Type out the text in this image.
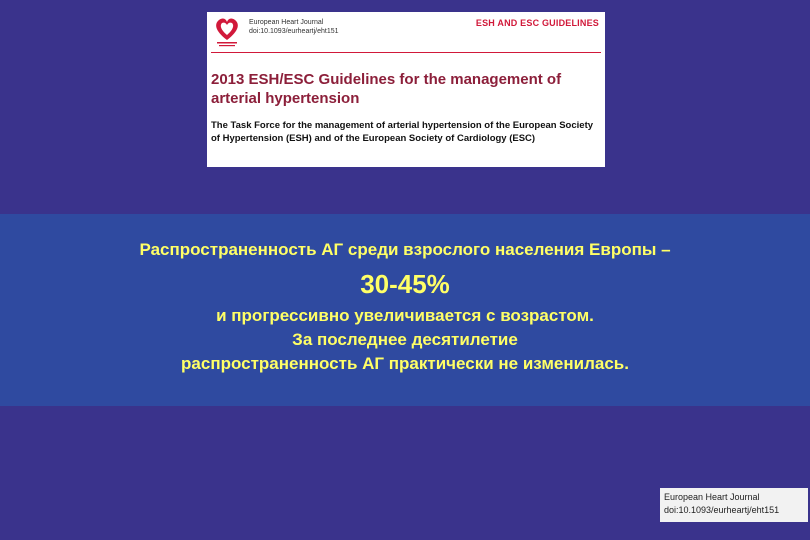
European Heart Journal
doi:10.1093/eurheartj/eht151
ESH AND ESC GUIDELINES
2013 ESH/ESC Guidelines for the management of arterial hypertension
The Task Force for the management of arterial hypertension of the European Society of Hypertension (ESH) and of the European Society of Cardiology (ESC)
Распространенность АГ среди взрослого населения Европы –
30-45%
и прогрессивно увеличивается с возрастом.
За последнее десятилетие
распространенность АГ практически не изменилась.
European Heart Journal
doi:10.1093/eurheartj/eht151
